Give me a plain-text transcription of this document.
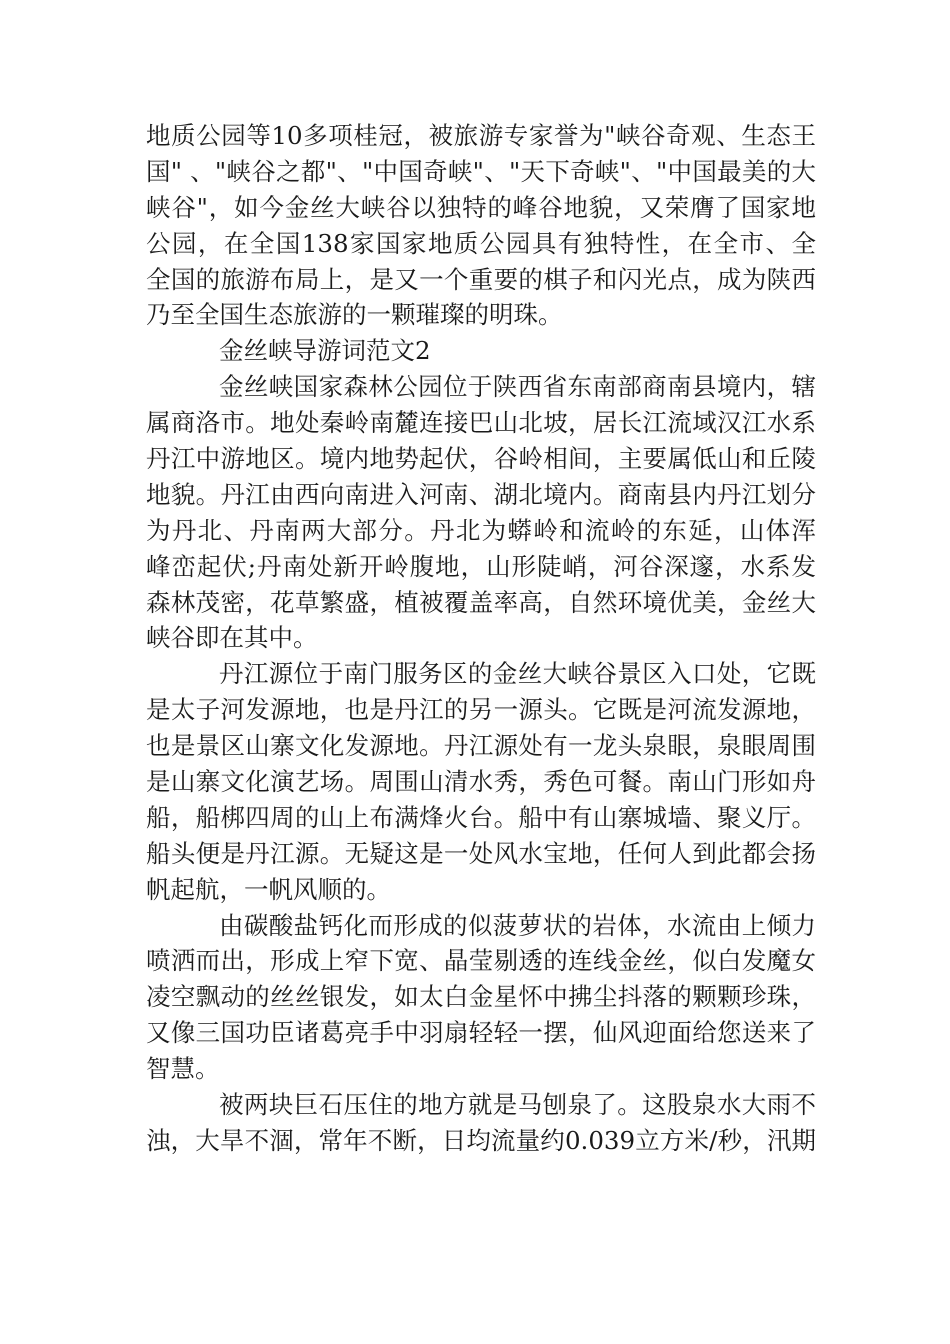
地质公园等10多项桂冠，被旅游专家誉为"峡谷奇观、生态王
国" 、"峡谷之都"、"中国奇峡"、"天下奇峡"、"中国最美的大
峡谷"，如今金丝大峡谷以独特的峰谷地貌，又荣膺了国家地
公园，在全国138家国家地质公园具有独特性，在全市、全
全国的旅游布局上，是又一个重要的棋子和闪光点，成为陕西
乃至全国生态旅游的一颗璀璨的明珠。
金丝峡导游词范文2
金丝峡国家森林公园位于陕西省东南部商南县境内，辖
属商洛市。地处秦岭南麓连接巴山北坡，居长江流域汉江水系
丹江中游地区。境内地势起伏，谷岭相间，主要属低山和丘陵
地貌。丹江由西向南进入河南、湖北境内。商南县内丹江划分
为丹北、丹南两大部分。丹北为蟒岭和流岭的东延，山体浑
峰峦起伏;丹南处新开岭腹地，山形陡峭，河谷深邃，水系发
森林茂密，花草繁盛，植被覆盖率高，自然环境优美，金丝大
峡谷即在其中。
丹江源位于南门服务区的金丝大峡谷景区入口处，它既
是太子河发源地，也是丹江的另一源头。它既是河流发源地，
也是景区山寨文化发源地。丹江源处有一龙头泉眼，泉眼周围
是山寨文化演艺场。周围山清水秀，秀色可餐。南山门形如舟
船，船梆四周的山上布满烽火台。船中有山寨城墙、聚义厅。
船头便是丹江源。无疑这是一处风水宝地，任何人到此都会扬
帆起航，一帆风顺的。
由碳酸盐钙化而形成的似菠萝状的岩体，水流由上倾力
喷洒而出，形成上窄下宽、晶莹剔透的连线金丝，似白发魔女
凌空飘动的丝丝银发，如太白金星怀中拂尘抖落的颗颗珍珠，
又像三国功臣诸葛亮手中羽扇轻轻一摆，仙风迎面给您送来了
智慧。
被两块巨石压住的地方就是马刨泉了。这股泉水大雨不
浊，大旱不涸，常年不断，日均流量约0.039立方米/秒，汛期
